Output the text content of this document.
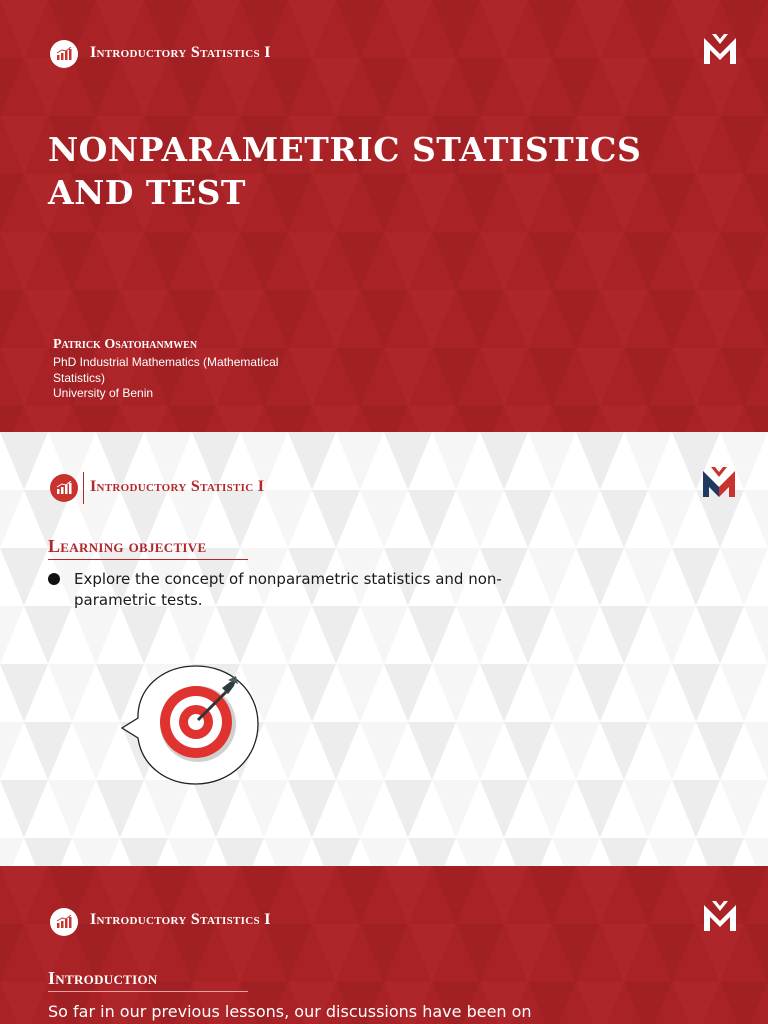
Introductory Statistics I
NONPARAMETRIC STATISTICS AND TEST
Patrick Osatohanmwen
PhD Industrial Mathematics (Mathematical
Statistics)
University of Benin
Introductory Statistic I
Learning objective
Explore the concept of nonparametric statistics and non-parametric tests.
Introductory Statistics I
Introduction
So far in our previous lessons, our discussions have been on
